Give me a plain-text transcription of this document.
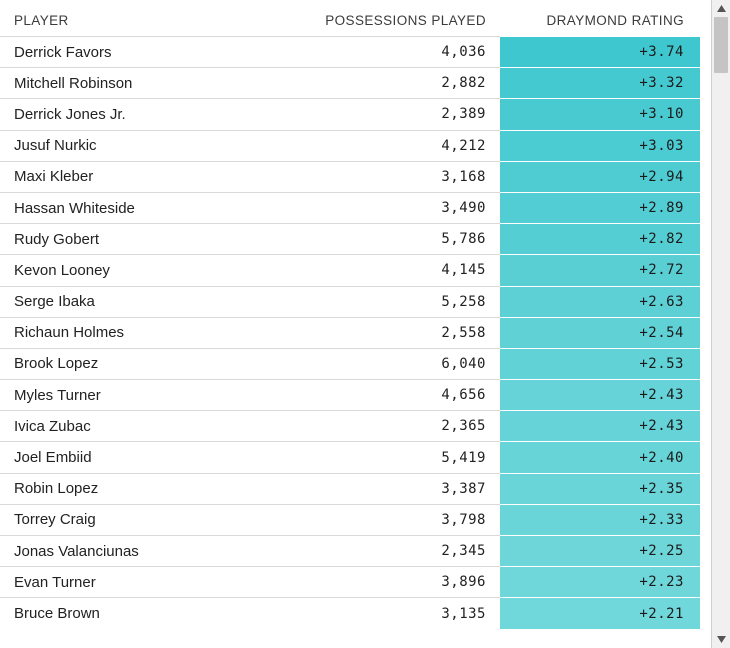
PLAYER	POSSESSIONS PLAYED	DRAYMOND RATING
Derrick Favors	4,036	+3.74
Mitchell Robinson	2,882	+3.32
Derrick Jones Jr.	2,389	+3.10
Jusuf Nurkic	4,212	+3.03
Maxi Kleber	3,168	+2.94
Hassan Whiteside	3,490	+2.89
Rudy Gobert	5,786	+2.82
Kevon Looney	4,145	+2.72
Serge Ibaka	5,258	+2.63
Richaun Holmes	2,558	+2.54
Brook Lopez	6,040	+2.53
Myles Turner	4,656	+2.43
Ivica Zubac	2,365	+2.43
Joel Embiid	5,419	+2.40
Robin Lopez	3,387	+2.35
Torrey Craig	3,798	+2.33
Jonas Valanciunas	2,345	+2.25
Evan Turner	3,896	+2.23
Bruce Brown	3,135	+2.21
